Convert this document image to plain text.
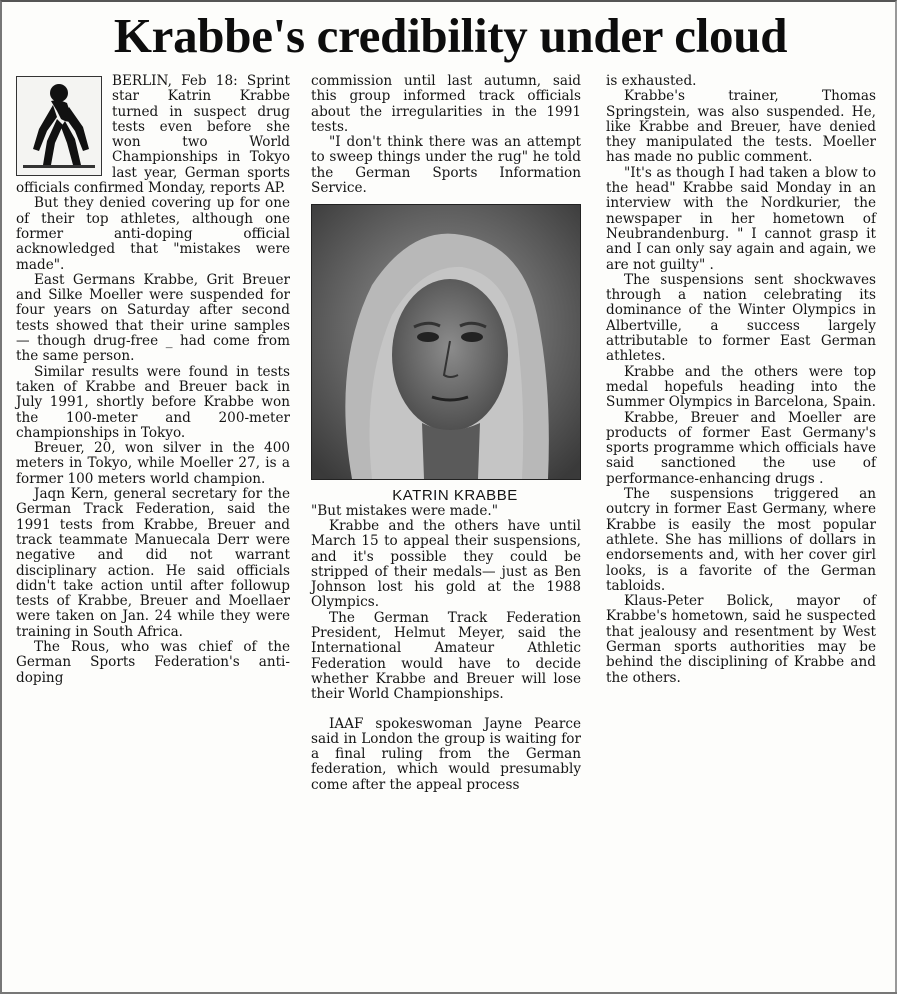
Krabbe's credibility under cloud

BERLIN, Feb 18: Sprint star Katrin Krabbe turned in suspect drug tests even before she won two World Championships in Tokyo last year, German sports officials confirmed Monday, reports AP.

But they denied covering up for one of their top athletes, although one former anti-doping official acknowledged that "mistakes were made".

East Germans Krabbe, Grit Breuer and Silke Moeller were suspended for four years on Saturday after second tests showed that their urine samples — though drug-free _ had come from the same person.

Similar results were found in tests taken of Krabbe and Breuer back in July 1991, shortly before Krabbe won the 100-meter and 200-meter championships in Tokyo.

Breuer, 20, won silver in the 400 meters in Tokyo, while Moeller 27, is a former 100 meters world champion.

Jaqn Kern, general secretary for the German Track Federation, said the 1991 tests from Krabbe, Breuer and track teammate Manuecala Derr were negative and did not warrant disciplinary action. He said officials didn't take action until after followup tests of Krabbe, Breuer and Moellaer were taken on Jan. 24 while they were training in South Africa.

The Rous, who was chief of the German Sports Federation's anti-doping

commission until last autumn, said this group informed track officials about the irregularities in the 1991 tests.

"I don't think there was an attempt to sweep things under the rug" he told the German Sports Information Service.

KATRIN KRABBE

"But mistakes were made."

Krabbe and the others have until March 15 to appeal their suspensions, and it's possible they could be stripped of their medals— just as Ben Johnson lost his gold at the 1988 Olympics.

The German Track Federation President, Helmut Meyer, said the International Amateur Athletic Federation would have to decide whether Krabbe and Breuer will lose their World Championships.

IAAF spokeswoman Jayne Pearce said in London the group is waiting for a final ruling from the German federation, which would presumably come after the appeal process

is exhausted.

Krabbe's trainer, Thomas Springstein, was also suspended. He, like Krabbe and Breuer, have denied they manipulated the tests. Moeller has made no public comment.

"It's as though I had taken a blow to the head" Krabbe said Monday in an interview with the Nordkurier, the newspaper in her hometown of Neubrandenburg. " I cannot grasp it and I can only say again and again, we are not guilty" .

The suspensions sent shockwaves through a nation celebrating its dominance of the Winter Olympics in Albertville, a success largely attributable to former East German athletes.

Krabbe and the others were top medal hopefuls heading into the Summer Olympics in Barcelona, Spain.

Krabbe, Breuer and Moeller are products of former East Germany's sports programme which officials have said sanctioned the use of performance-enhancing drugs .

The suspensions triggered an outcry in former East Germany, where Krabbe is easily the most popular athlete. She has millions of dollars in endorsements and, with her cover girl looks, is a favorite of the German tabloids.

Klaus-Peter Bolick, mayor of Krabbe's hometown, said he suspected that jealousy and resentment by West German sports authorities may be behind the disciplining of Krabbe and the others.
